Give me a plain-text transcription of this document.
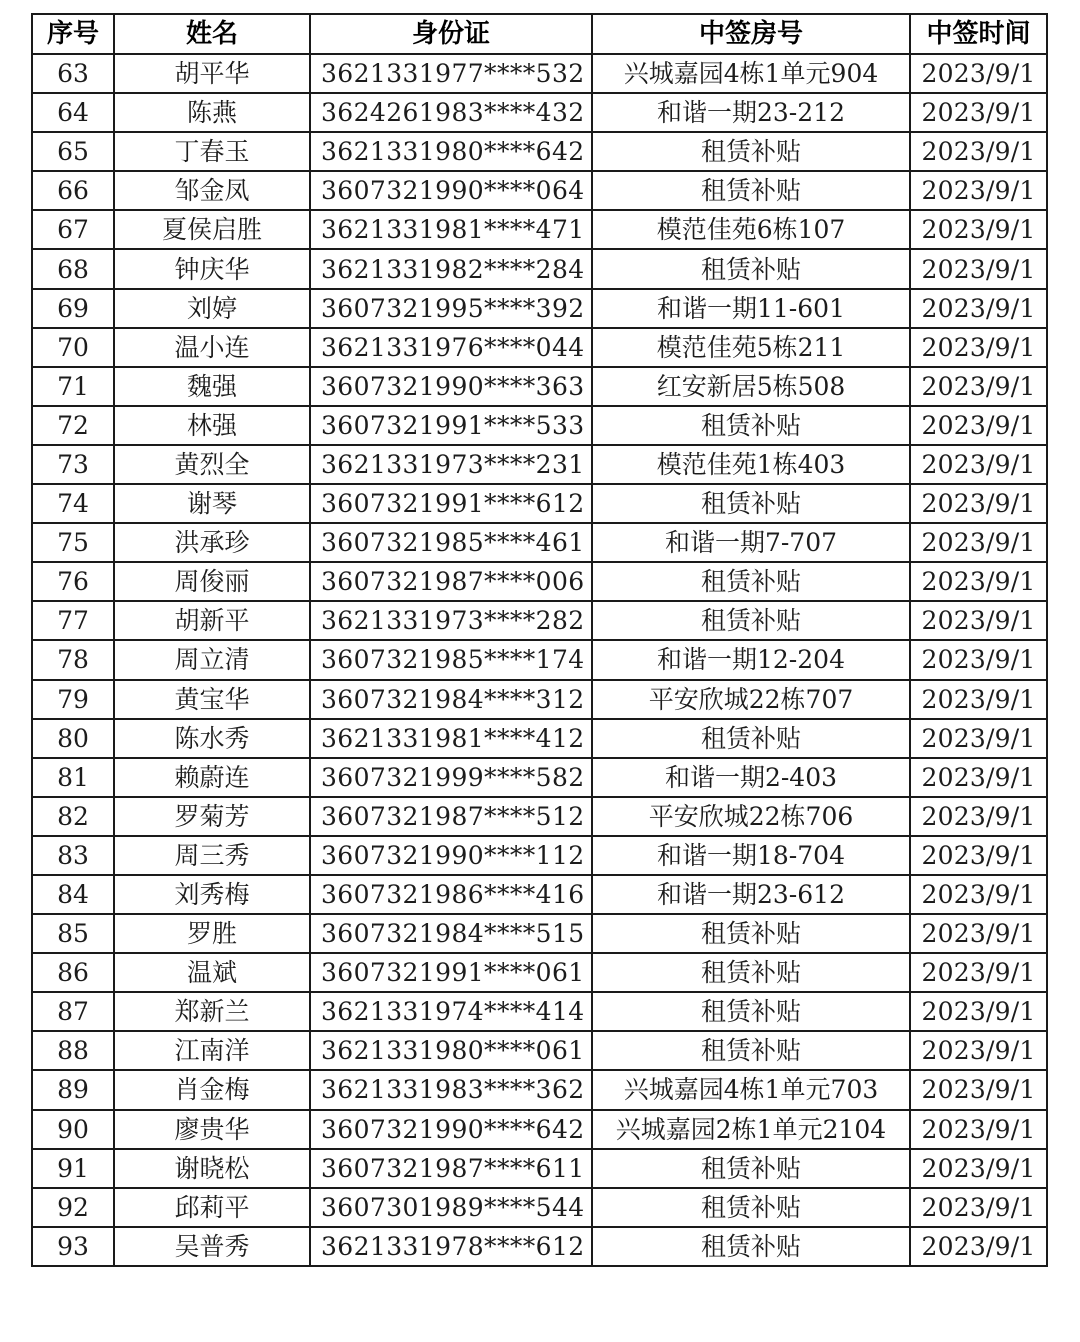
序号	姓名	身份证	中签房号	中签时间
63	胡平华	3621331977****532	兴城嘉园4栋1单元904	2023/9/1
64	陈燕	3624261983****432	和谐一期23-212	2023/9/1
65	丁春玉	3621331980****642	租赁补贴	2023/9/1
66	邹金凤	3607321990****064	租赁补贴	2023/9/1
67	夏侯启胜	3621331981****471	模范佳苑6栋107	2023/9/1
68	钟庆华	3621331982****284	租赁补贴	2023/9/1
69	刘婷	3607321995****392	和谐一期11-601	2023/9/1
70	温小连	3621331976****044	模范佳苑5栋211	2023/9/1
71	魏强	3607321990****363	红安新居5栋508	2023/9/1
72	林强	3607321991****533	租赁补贴	2023/9/1
73	黄烈全	3621331973****231	模范佳苑1栋403	2023/9/1
74	谢琴	3607321991****612	租赁补贴	2023/9/1
75	洪承珍	3607321985****461	和谐一期7-707	2023/9/1
76	周俊丽	3607321987****006	租赁补贴	2023/9/1
77	胡新平	3621331973****282	租赁补贴	2023/9/1
78	周立清	3607321985****174	和谐一期12-204	2023/9/1
79	黄宝华	3607321984****312	平安欣城22栋707	2023/9/1
80	陈水秀	3621331981****412	租赁补贴	2023/9/1
81	赖蔚连	3607321999****582	和谐一期2-403	2023/9/1
82	罗菊芳	3607321987****512	平安欣城22栋706	2023/9/1
83	周三秀	3607321990****112	和谐一期18-704	2023/9/1
84	刘秀梅	3607321986****416	和谐一期23-612	2023/9/1
85	罗胜	3607321984****515	租赁补贴	2023/9/1
86	温斌	3607321991****061	租赁补贴	2023/9/1
87	郑新兰	3621331974****414	租赁补贴	2023/9/1
88	江南洋	3621331980****061	租赁补贴	2023/9/1
89	肖金梅	3621331983****362	兴城嘉园4栋1单元703	2023/9/1
90	廖贵华	3607321990****642	兴城嘉园2栋1单元2104	2023/9/1
91	谢晓松	3607321987****611	租赁补贴	2023/9/1
92	邱莉平	3607301989****544	租赁补贴	2023/9/1
93	吴普秀	3621331978****612	租赁补贴	2023/9/1
